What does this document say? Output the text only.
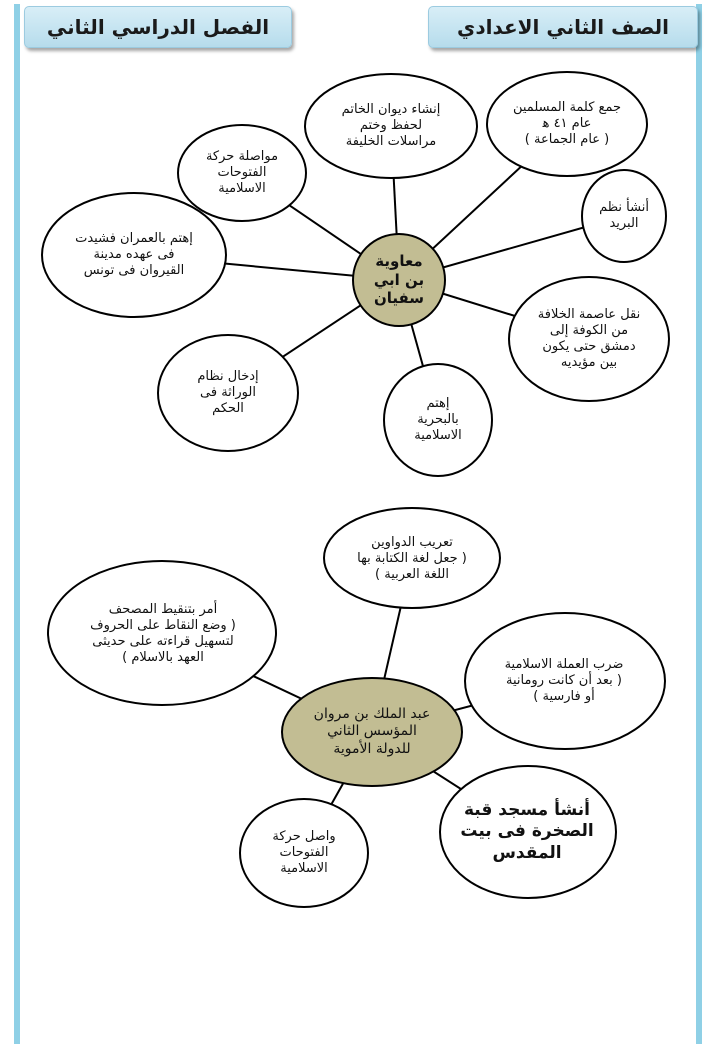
الفصل الدراسي الثاني	الصف الثاني الاعدادي
معاوية
بن ابي
سفيان
جمع كلمة المسلمين
عام ٤١ ﻫ
( عام الجماعة )
إنشاء ديوان الخاتم
لحفظ وختم
مراسلات الخليفة
مواصلة حركة
الفتوحات
الاسلامية
إهتم بالعمران فشيدت
فى عهده مدينة
القيروان فى تونس
إدخال نظام
الوراثة فى
الحكم	إهتم
بالبحرية
الاسلامية
نقل عاصمة الخلافة
من الكوفة إلى
دمشق حتى يكون
بين مؤيديه
أنشأ نظم
البريد
عبد الملك بن مروان
المؤسس الثاني
للدولة الأموية
تعريب الدواوين
( جعل لغة الكتابة بها
اللغة العربية )
أمر بتنقيط المصحف
( وضع النقاط على الحروف
لتسهيل قراءته على حديثى
العهد بالاسلام )	ضرب العملة الاسلامية
( بعد أن كانت رومانية
أو فارسية )
واصل حركة
الفتوحات
الاسلامية
أنشأ مسجد قبة
الصخرة فى بيت
المقدس
